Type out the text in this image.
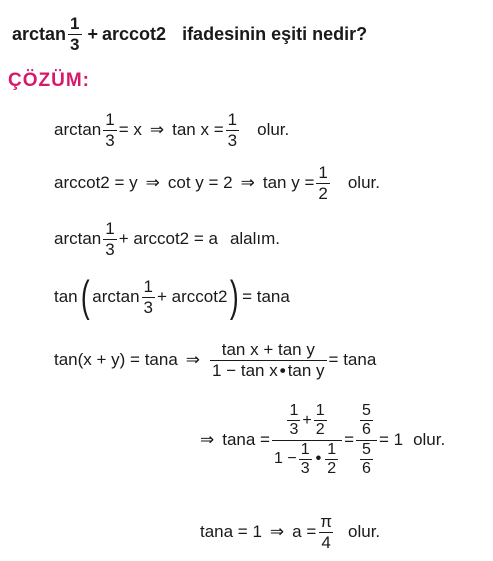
$\arctan \frac{1}{3} + arccot2$ ifadesinin eşiti nedir?
ÇÖZÜM:
$\arctan \frac{1}{3} = x$ ⇒ $\tan x = \frac{1}{3}$ olur.
arccot2 = y ⇒ cot y = 2 ⇒ $\tan y = \frac{1}{2}$ olur.
$\arctan \frac{1}{3} + arccot2 = a$ alalım.
tan ( $\arctan \frac{1}{3} + arccot2$ ) = tana
tan(x + y) = tana ⇒ $\frac{\text{tan x + tan y}}{\text{1 − tan x • tan y}} = \tan a$
⇒ $\tan a = \frac{1}{3} + \frac{1}{2}$
$1 - \frac{1}{3}$ • $\frac{1}{2}$
= $\frac{\frac{5}{6}}{\frac{5}{6}} = 1$ olur.
tana = 1 ⇒ $a = \frac{\pi}{4}$ olur.
